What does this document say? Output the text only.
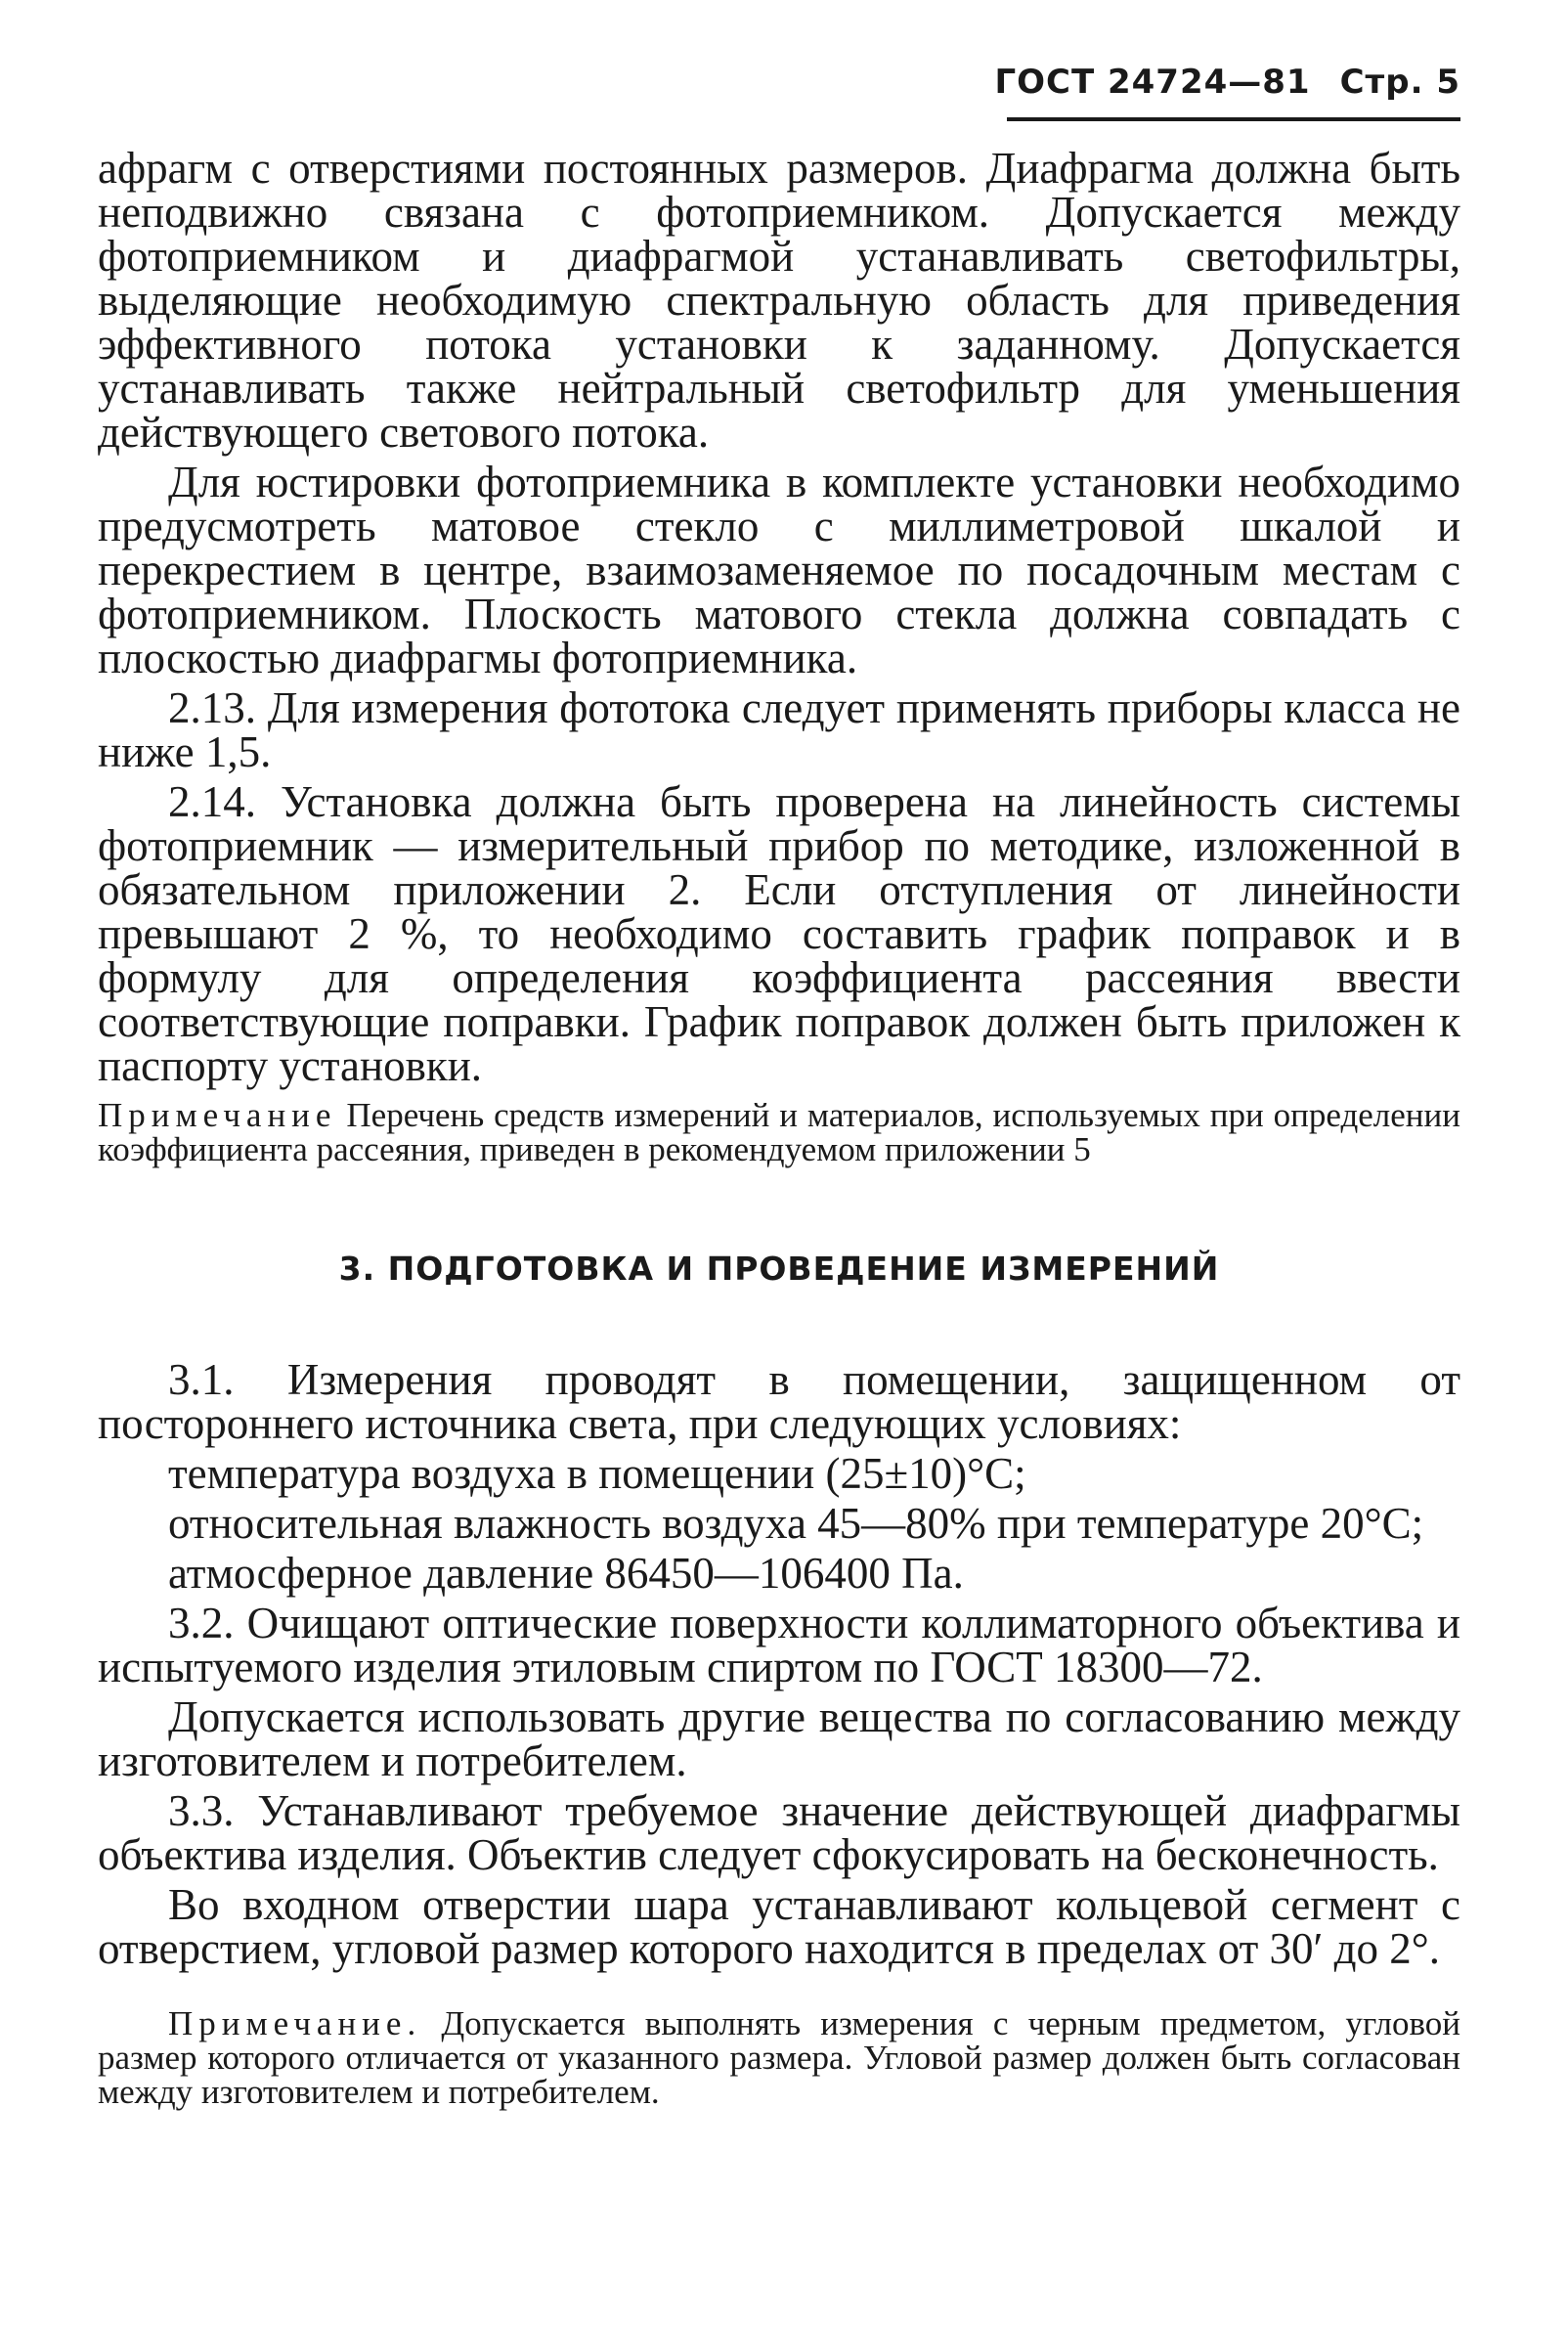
ГОСТ 24724—81 Стр. 5

афрагм с отверстиями постоянных размеров. Диафрагма должна быть неподвижно связана с фотоприемником. Допускается между фотоприемником и диафрагмой устанавливать светофильтры, выделяющие необходимую спектральную область для приведения эффективного потока установки к заданному. Допускается устанавливать также нейтральный светофильтр для уменьшения действующего светового потока.

Для юстировки фотоприемника в комплекте установки необходимо предусмотреть матовое стекло с миллиметровой шкалой и перекрестием в центре, взаимозаменяемое по посадочным местам с фотоприемником. Плоскость матового стекла должна совпадать с плоскостью диафрагмы фотоприемника.

2.13. Для измерения фототока следует применять приборы класса не ниже 1,5.

2.14. Установка должна быть проверена на линейность системы фотоприемник — измерительный прибор по методике, изложенной в обязательном приложении 2. Если отступления от линейности превышают 2 %, то необходимо составить график поправок и в формулу для определения коэффициента рассеяния ввести соответствующие поправки. График поправок должен быть приложен к паспорту установки.

Примечание Перечень средств измерений и материалов, используемых при определении коэффициента рассеяния, приведен в рекомендуемом приложении 5

3. ПОДГОТОВКА И ПРОВЕДЕНИЕ ИЗМЕРЕНИЙ

3.1. Измерения проводят в помещении, защищенном от постороннего источника света, при следующих условиях:

температура воздуха в помещении (25±10)°С;

относительная влажность воздуха 45—80% при температуре 20°С;

атмосферное давление 86450—106400 Па.

3.2. Очищают оптические поверхности коллиматорного объектива и испытуемого изделия этиловым спиртом по ГОСТ 18300—72.

Допускается использовать другие вещества по согласованию между изготовителем и потребителем.

3.3. Устанавливают требуемое значение действующей диафрагмы объектива изделия. Объектив следует сфокусировать на бесконечность.

Во входном отверстии шара устанавливают кольцевой сегмент с отверстием, угловой размер которого находится в пределах от 30′ до 2°.

Примечание. Допускается выполнять измерения с черным предметом, угловой размер которого отличается от указанного размера. Угловой размер должен быть согласован между изготовителем и потребителем.
